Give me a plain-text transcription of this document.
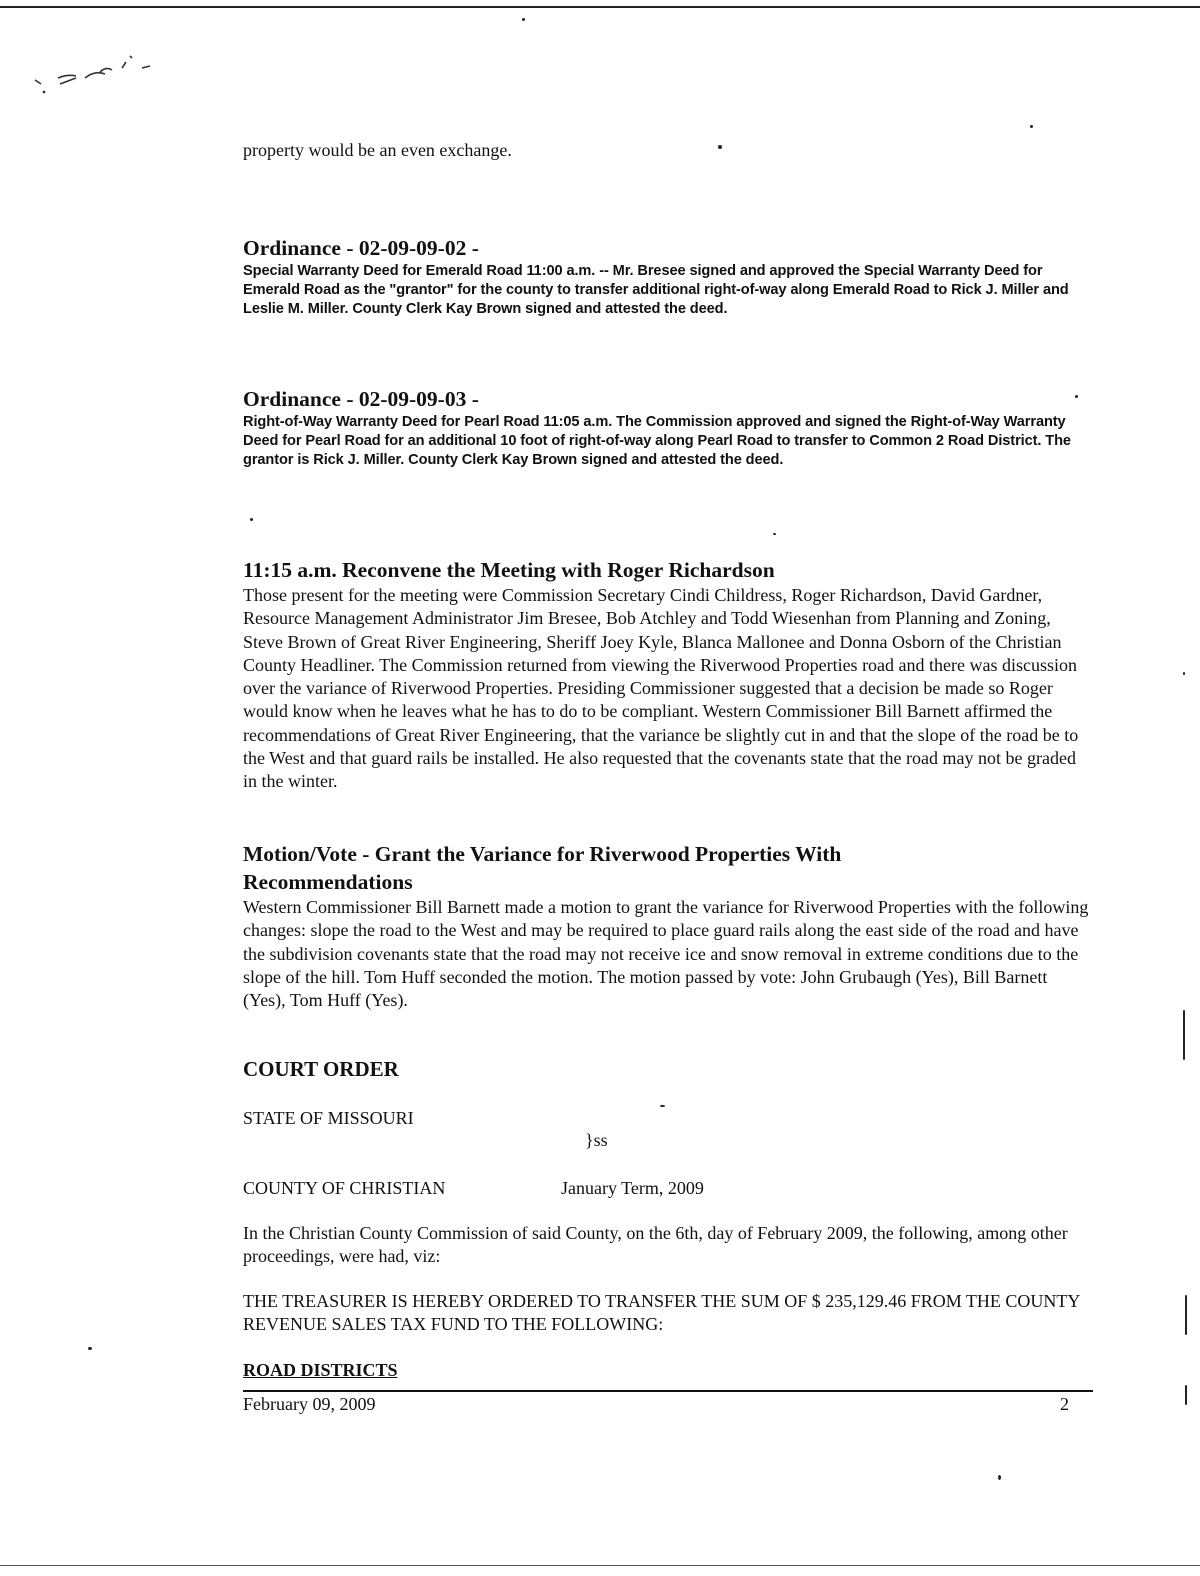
property would be an even exchange.

Ordinance - 02-09-09-02 -

Special Warranty Deed for Emerald Road 11:00 a.m. -- Mr. Bresee signed and approved the Special Warranty Deed for Emerald Road as the "grantor" for the county to transfer additional right-of-way along Emerald Road to Rick J. Miller and Leslie M. Miller. County Clerk Kay Brown signed and attested the deed.

Ordinance - 02-09-09-03 -

Right-of-Way Warranty Deed for Pearl Road 11:05 a.m. The Commission approved and signed the Right-of-Way Warranty Deed for Pearl Road for an additional 10 foot of right-of-way along Pearl Road to transfer to Common 2 Road District. The grantor is Rick J. Miller. County Clerk Kay Brown signed and attested the deed.

11:15 a.m. Reconvene the Meeting with Roger Richardson

Those present for the meeting were Commission Secretary Cindi Childress, Roger Richardson, David Gardner, Resource Management Administrator Jim Bresee, Bob Atchley and Todd Wiesenhan from Planning and Zoning, Steve Brown of Great River Engineering, Sheriff Joey Kyle, Blanca Mallonee and Donna Osborn of the Christian County Headliner. The Commission returned from viewing the Riverwood Properties road and there was discussion over the variance of Riverwood Properties. Presiding Commissioner suggested that a decision be made so Roger would know when he leaves what he has to do to be compliant. Western Commissioner Bill Barnett affirmed the recommendations of Great River Engineering, that the variance be slightly cut in and that the slope of the road be to the West and that guard rails be installed. He also requested that the covenants state that the road may not be graded in the winter.

Motion/Vote - Grant the Variance for Riverwood Properties With Recommendations

Western Commissioner Bill Barnett made a motion to grant the variance for Riverwood Properties with the following changes: slope the road to the West and may be required to place guard rails along the east side of the road and have the subdivision covenants state that the road may not receive ice and snow removal in extreme conditions due to the slope of the hill. Tom Huff seconded the motion. The motion passed by vote: John Grubaugh (Yes), Bill Barnett (Yes), Tom Huff (Yes).

COURT ORDER
STATE OF MISSOURI
}ss
COUNTY OF CHRISTIAN	January Term, 2009

In the Christian County Commission of said County, on the 6th, day of February 2009, the following, among other proceedings, were had, viz:

THE TREASURER IS HEREBY ORDERED TO TRANSFER THE SUM OF $ 235,129.46 FROM THE COUNTY REVENUE SALES TAX FUND TO THE FOLLOWING:

ROAD DISTRICTS
February 09, 2009	2
